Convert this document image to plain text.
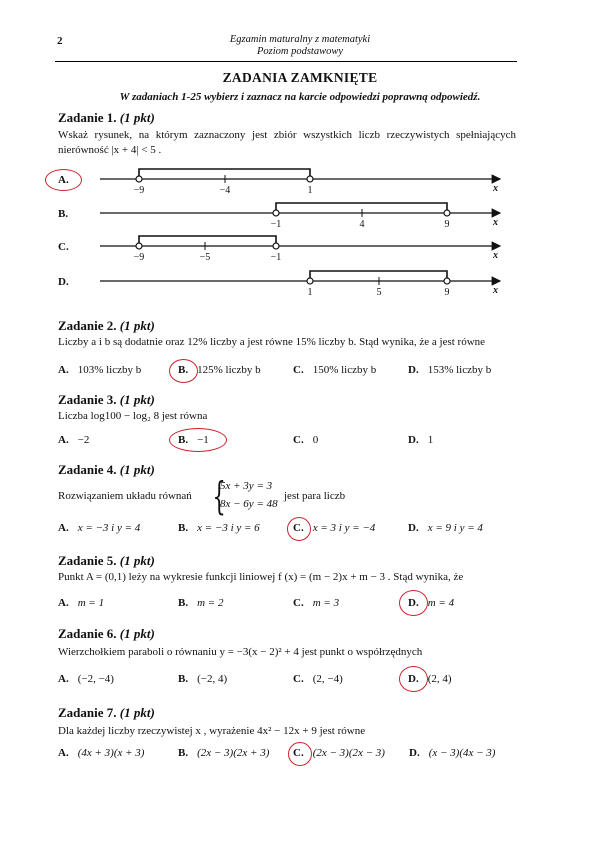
2	Egzamin maturalny z matematyki
Poziom podstawowy
ZADANIA ZAMKNIĘTE
W zadaniach 1-25 wybierz i zaznacz na karcie odpowiedzi poprawną odpowiedź.
Zadanie 1. (1 pkt)
Wskaż rysunek, na którym zaznaczony jest zbiór wszystkich liczb rzeczywistych spełniających nierówność |x + 4| < 5 .
A.
−9	−4	1	x
B.
−1	4	9	x
C.
−9	−5	−1	x
D.
1	5	9	x
Zadanie 2. (1 pkt)
Liczby a i b są dodatnie oraz 12% liczby a jest równe 15% liczby b. Stąd wynika, że a jest równe
A. 103% liczby b	B. 125% liczby b	C. 150% liczby b	D. 153% liczby b
Zadanie 3. (1 pkt)
Liczba log100 − log₂ 8 jest równa
A. −2	B. −1	C. 0	D. 1
Zadanie 4. (1 pkt)
Rozwiązaniem układu równań {
5x + 3y = 3
8x − 6y = 48
jest para liczb
A. x = −3 i y = 4	B. x = −3 i y = 6	C. x = 3 i y = −4	D. x = 9 i y = 4
Zadanie 5. (1 pkt)
Punkt A = (0,1) leży na wykresie funkcji liniowej f (x) = (m − 2)x + m − 3 . Stąd wynika, że
A. m = 1	B. m = 2	C. m = 3	D. m = 4
Zadanie 6. (1 pkt)
Wierzchołkiem paraboli o równaniu y = −3(x − 2)² + 4 jest punkt o współrzędnych
A. (−2, −4)	B. (−2, 4)	C. (2, −4)	D. (2, 4)
Zadanie 7. (1 pkt)
Dla każdej liczby rzeczywistej x , wyrażenie 4x² − 12x + 9 jest równe
A. (4x + 3)(x + 3)	B. (2x − 3)(2x + 3) C. (2x − 3)(2x − 3) D. (x − 3)(4x − 3)
